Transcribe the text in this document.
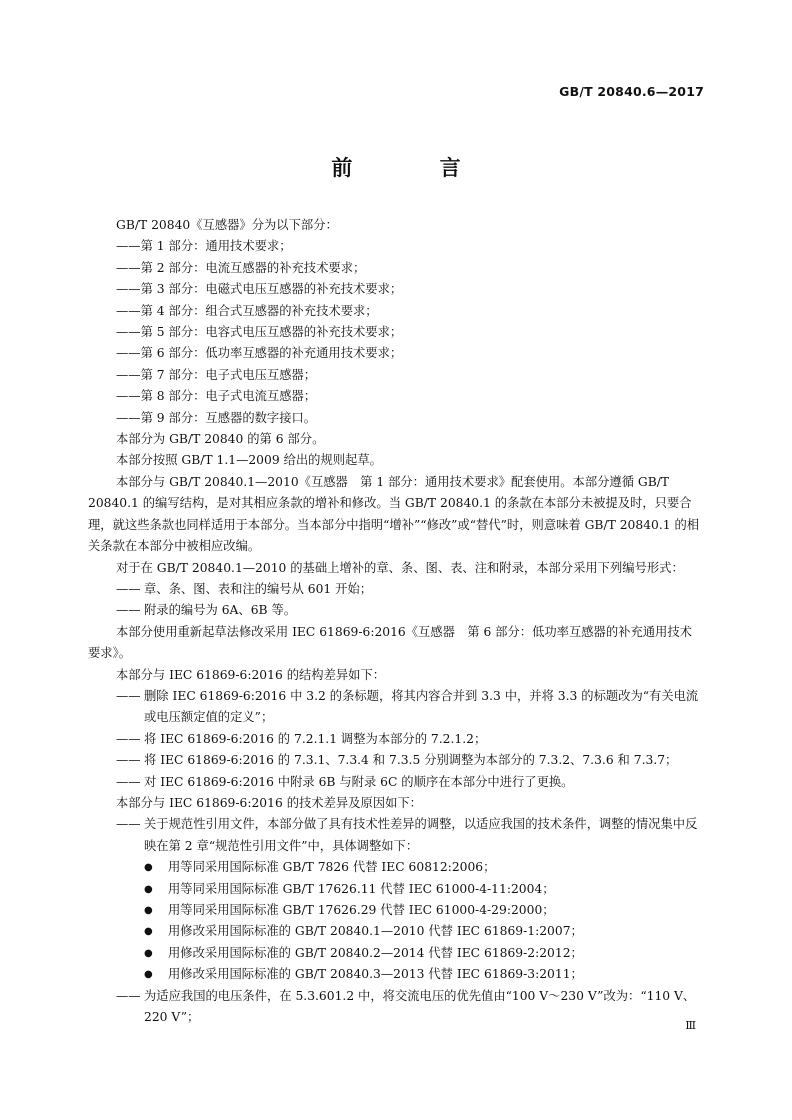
GB/T 20840.6—2017
前 言

GB/T 20840《互感器》分为以下部分：

——第 1 部分：通用技术要求；

——第 2 部分：电流互感器的补充技术要求；

——第 3 部分：电磁式电压互感器的补充技术要求；

——第 4 部分：组合式互感器的补充技术要求；

——第 5 部分：电容式电压互感器的补充技术要求；

——第 6 部分：低功率互感器的补充通用技术要求；

——第 7 部分：电子式电压互感器；

——第 8 部分：电子式电流互感器；

——第 9 部分：互感器的数字接口。

本部分为 GB/T 20840 的第 6 部分。

本部分按照 GB/T 1.1—2009 给出的规则起草。

本部分与 GB/T 20840.1—2010《互感器　第 1 部分：通用技术要求》配套使用。本部分遵循 GB/T 20840.1 的编写结构，是对其相应条款的增补和修改。当 GB/T 20840.1 的条款在本部分未被提及时，只要合理，就这些条款也同样适用于本部分。当本部分中指明“增补”“修改”或“替代”时，则意味着 GB/T 20840.1 的相关条款在本部分中被相应改编。

对于在 GB/T 20840.1—2010 的基础上增补的章、条、图、表、注和附录，本部分采用下列编号形式：

—— 章、条、图、表和注的编号从 601 开始；
—— 附录的编号为 6A、6B 等。

本部分使用重新起草法修改采用 IEC 61869-6:2016《互感器　第 6 部分：低功率互感器的补充通用技术要求》。

本部分与 IEC 61869-6:2016 的结构差异如下：

—— 删除 IEC 61869-6:2016 中 3.2 的条标题，将其内容合并到 3.3 中，并将 3.3 的标题改为“有关电流或电压额定值的定义”；
—— 将 IEC 61869-6:2016 的 7.2.1.1 调整为本部分的 7.2.1.2；
—— 将 IEC 61869-6:2016 的 7.3.1、7.3.4 和 7.3.5 分别调整为本部分的 7.3.2、7.3.6 和 7.3.7；
—— 对 IEC 61869-6:2016 中附录 6B 与附录 6C 的顺序在本部分中进行了更换。

本部分与 IEC 61869-6:2016 的技术差异及原因如下：

—— 关于规范性引用文件，本部分做了具有技术性差异的调整，以适应我国的技术条件，调整的情况集中反映在第 2 章“规范性引用文件”中，具体调整如下：
●	用等同采用国际标准 GB/T 7826 代替 IEC 60812:2006；
●	用等同采用国际标准 GB/T 17626.11 代替 IEC 61000-4-11:2004；
●	用等同采用国际标准 GB/T 17626.29 代替 IEC 61000-4-29:2000；
●	用修改采用国际标准的 GB/T 20840.1—2010 代替 IEC 61869-1:2007；
●	用修改采用国际标准的 GB/T 20840.2—2014 代替 IEC 61869-2:2012；
●	用修改采用国际标准的 GB/T 20840.3—2013 代替 IEC 61869-3:2011；
—— 为适应我国的电压条件，在 5.3.601.2 中，将交流电压的优先值由“100 V～230 V”改为：“110 V、220 V”；
Ⅲ
